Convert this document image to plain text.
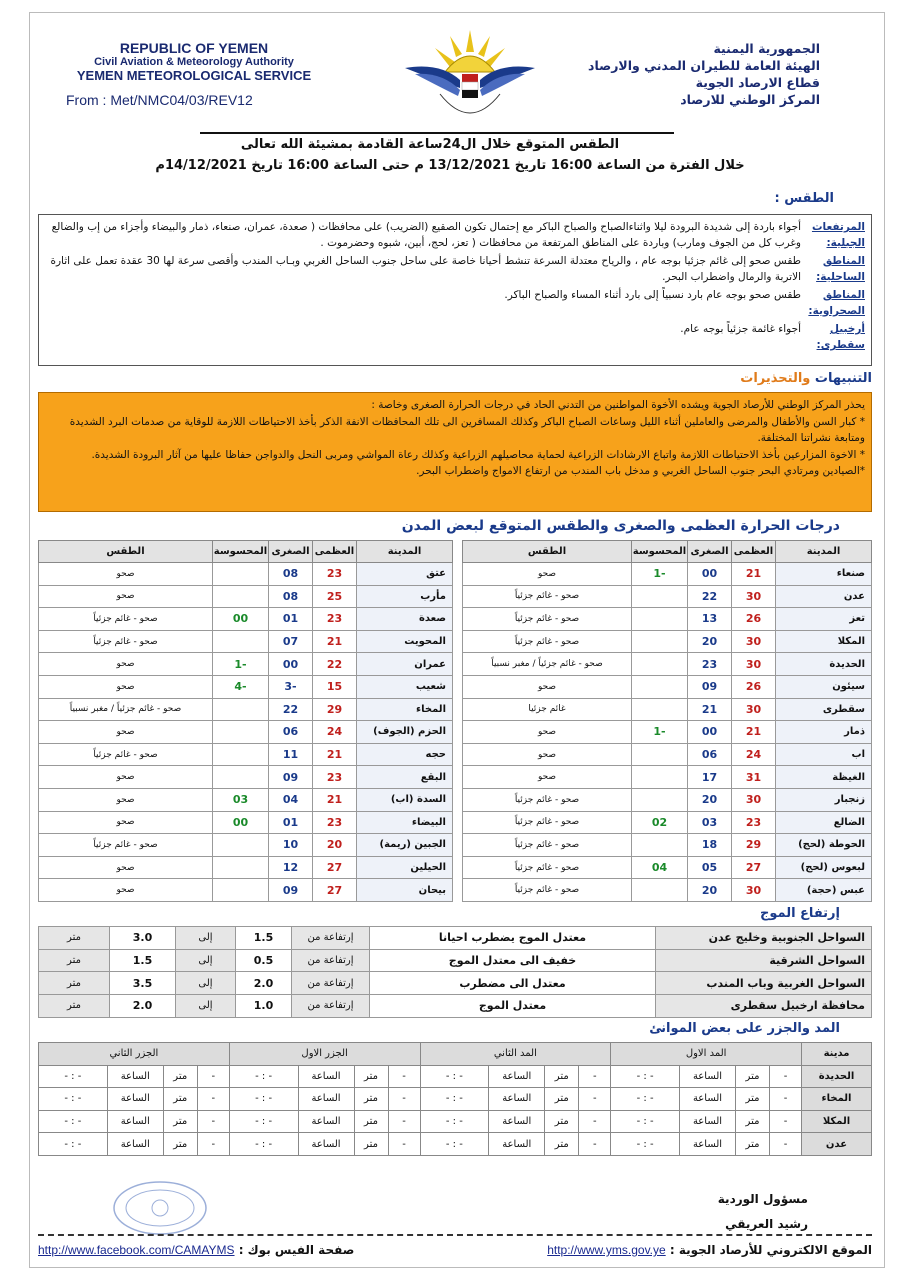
REPUBLIC OF YEMEN
Civil Aviation & Meteorology Authority
YEMEN METEOROLOGICAL SERVICE
From : Met/NMC04/03/REV12
الجمهورية اليمنية
الهيئة العامة للطيران المدني والارصاد
قطاع الارصاد الجوية
المركز الوطني للارصاد
الطقس المتوقع خلال ال24ساعة القادمة بمشيئة الله تعالى
خلال الفترة من الساعة 16:00 تاريخ 13/12/2021 م حتى الساعة 16:00 تاريخ 14/12/2021م
الطقس :
المرتفعات الجبلية:
أجواء باردة إلى شديدة البرودة ليلا واثناءالصباح والصباح الباكر مع إحتمال تكون الصقيع (الضريب) على محافظات ( صعدة، عمران، صنعاء، ذمار والبيضاء وأجزاء من إب والضالع وغرب كل من الجوف ومارب) وباردة على المناطق المرتفعة من محافظات ( تعز، لحج، أبين، شبوه وحضرموت .
المناطق الساحلية:
طقس صحو إلى غائم جزئيا بوجه عام ، والرياح معتدلة السرعة تنشط أحيانا خاصة على ساحل جنوب الساحل الغربي وبـاب المندب وأقصى سرعة لها 30 عقدة تعمل على اثارة الاتربة والرمال واضطراب البحر.
المناطق الصحراوية:
طقس صحو بوجه عام بارد نسبياً إلى بارد أثناء المساء والصباح الباكر.
أرخبيل سقطرى:
أجواء غائمة جزئياً بوجه عام.
التنبيهات والتحذيرات
يحذر المركز الوطني للأرصاد الجوية ويشده الأخوة المواطنين من التدني الحاد في درجات الحرارة الصغرى وخاصة :
* كبار السن والأطفال والمرضى والعاملين أثناء الليل وساعات الصباح الباكر وكذلك المسافرين الى تلك المحافظات الانفة الذكر بأخذ الاحتياطات اللازمة للوقاية من صدمات البرد الشديدة ومتابعة نشراتنا المختلفة.
* الاخوة المزارعين بأخذ الاحتياطات اللازمة واتباع الارشادات الزراعية لحماية محاصيلهم الزراعية وكذلك رعاة المواشي ومربى النحل والدواجن حفاظا عليها من آثار البرودة الشديدة.
*الصيادين ومرتادي البحر جنوب الساحل الغربي و مدخل باب المندب من ارتفاع الامواج واضطراب البحر.
درجات الحرارة العظمى والصغرى والطقس المتوقع لبعض المدن
المدينة	العظمى	الصغرى	المحسوسة	الطقس
صنعاء	21	00	-1	صحو
عدن	30	22		صحو - غائم جزئياً
تعز	26	13		صحو - غائم جزئياً
المكلا	30	20		صحو - غائم جزئياً
الحديدة	30	23		صحو - غائم جزئياً / مغبر نسبياً
سيئون	26	09		صحو
سقطرى	30	21		غائم جزئيا
ذمار	21	00	-1	صحو
اب	24	06		صحو
الغيظة	31	17		صحو
زنجبار	30	20		صحو - غائم جزئياً
الضالع	23	03	02	صحو - غائم جزئياً
الحوطة (لحج)	29	18		صحو - غائم جزئياً
لبعوس (لحج)	27	05	04	صحو - غائم جزئياً
عبس (حجة)	30	20		صحو - غائم جزئياً
المدينة	العظمى	الصغرى	المحسوسة	الطقس
عتق	23	08		صحو
مأرب	25	08		صحو
صعدة	23	01	00	صحو - غائم جزئياً
المحويت	21	07		صحو - غائم جزئياً
عمران	22	00	-1	صحو
شعيب	15	-3	-4	صحو
المخاء	29	22		صحو - غائم جزئياً / مغبر نسبياً
الحزم (الجوف)	24	06		صحو
حجه	21	11		صحو - غائم جزئياً
البقع	23	09		صحو
السدة (اب)	21	04	03	صحو
البيضاء	23	01	00	صحو
الجبين (ريمة)	20	10		صحو - غائم جزئياً
الحيلين	27	12		صحو
بيحان	27	09		صحو
إرتفاع الموج
السواحل الجنوبية وخليج عدن	معتدل الموج يضطرب احيانا	إرتفاعة من	1.5	إلى	3.0	متر
السواحل الشرقية	خفيف الى معتدل الموج	إرتفاعة من	0.5	إلى	1.5	متر
السواحل الغربية وباب المندب	معتدل الى مضطرب	إرتفاعة من	2.0	إلى	3.5	متر
محافظة ارخبيل سقطرى	معتدل الموج	إرتفاعة من	1.0	إلى	2.0	متر
المد والجزر على بعض الموانئ
مدينة	المد الاول				المد الثاني				الجزر الاول				الجزر الثاني			
الحديدة	-	متر	الساعة	- : -	-	متر	الساعة	- : -	-	متر	الساعة	- : -	-	متر	الساعة	- : -
المخاء	-	متر	الساعة	- : -	-	متر	الساعة	- : -	-	متر	الساعة	- : -	-	متر	الساعة	- : -
المكلا	-	متر	الساعة	- : -	-	متر	الساعة	- : -	-	متر	الساعة	- : -	-	متر	الساعة	- : -
عدن	-	متر	الساعة	- : -	-	متر	الساعة	- : -	-	متر	الساعة	- : -	-	متر	الساعة	- : -
مسؤول الوردية
رشيد العريقي
الموقع الالكتروني للأرصاد الجوية : http://www.yms.gov.ye
صفحة الفيس بوك : http://www.facebook.com/CAMAYMS
